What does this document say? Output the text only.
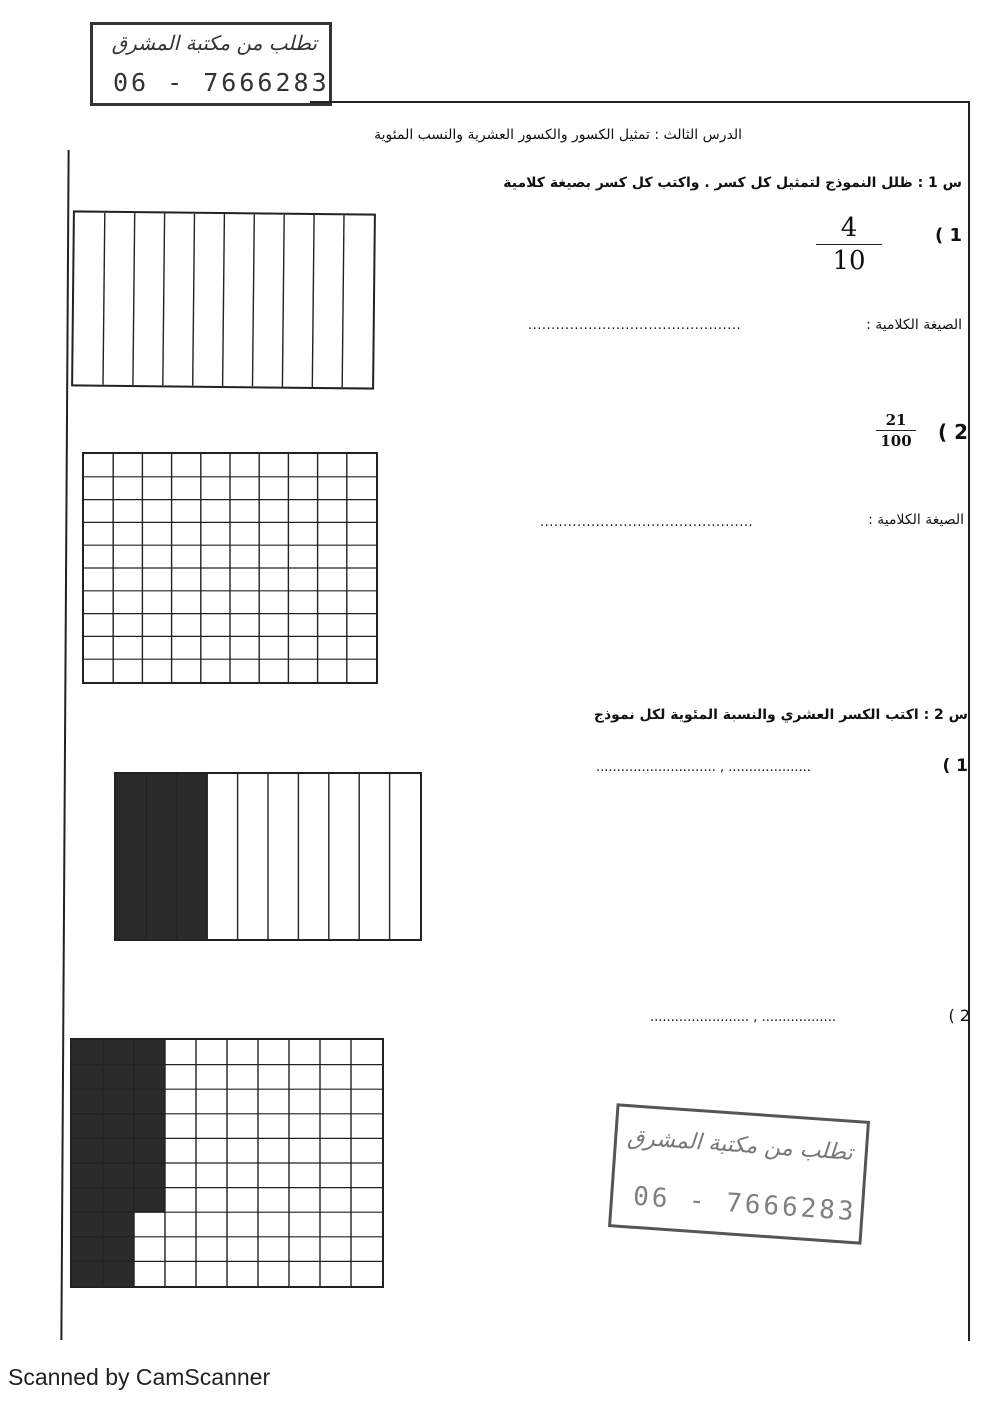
تطلب من مكتبة المشرق
06 - 7666283
الدرس الثالث : تمثيل الكسور والكسور العشرية والنسب المئوية
س 1 : ظلل النموذج لتمثيل كل كسر . واكتب كل كسر بصيغة كلامية
( 1
4
10
الصيغة الكلامية :
..............................................
( 2
21
100
الصيغة الكلامية :
..............................................
س 2 : اكتب الكسر العشري والنسبة المئوية لكل نموذج
( 1
............................. , ....................
( 2
........................ , ..................
تطلب من مكتبة المشرق
06 - 7666283
Scanned by CamScanner
